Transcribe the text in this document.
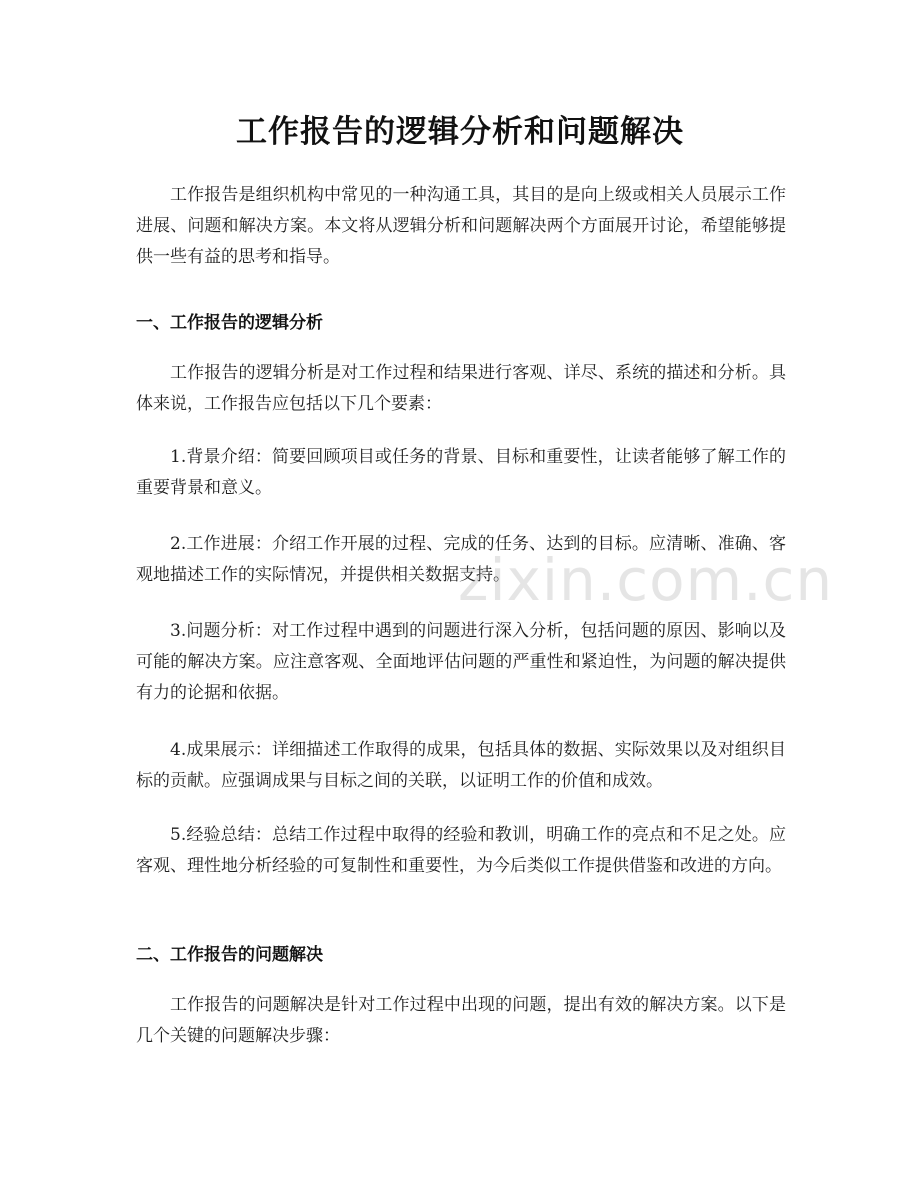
工作报告的逻辑分析和问题解决

工作报告是组织机构中常见的一种沟通工具，其目的是向上级或相关人员展示工作进展、问题和解决方案。本文将从逻辑分析和问题解决两个方面展开讨论，希望能够提供一些有益的思考和指导。

一、工作报告的逻辑分析

工作报告的逻辑分析是对工作过程和结果进行客观、详尽、系统的描述和分析。具体来说，工作报告应包括以下几个要素：

1.背景介绍：简要回顾项目或任务的背景、目标和重要性，让读者能够了解工作的重要背景和意义。

2.工作进展：介绍工作开展的过程、完成的任务、达到的目标。应清晰、准确、客观地描述工作的实际情况，并提供相关数据支持。

3.问题分析：对工作过程中遇到的问题进行深入分析，包括问题的原因、影响以及可能的解决方案。应注意客观、全面地评估问题的严重性和紧迫性，为问题的解决提供有力的论据和依据。

4.成果展示：详细描述工作取得的成果，包括具体的数据、实际效果以及对组织目标的贡献。应强调成果与目标之间的关联，以证明工作的价值和成效。

5.经验总结：总结工作过程中取得的经验和教训，明确工作的亮点和不足之处。应客观、理性地分析经验的可复制性和重要性，为今后类似工作提供借鉴和改进的方向。

二、工作报告的问题解决

工作报告的问题解决是针对工作过程中出现的问题，提出有效的解决方案。以下是几个关键的问题解决步骤：

zixin.com.cn
